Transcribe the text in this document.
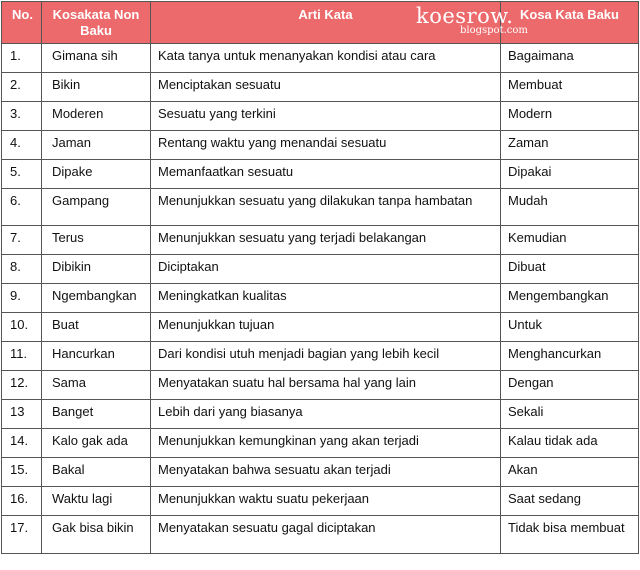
No.	Kosakata Non Baku	Arti Kata	Kosa Kata Baku
1.	Gimana sih	Kata tanya untuk menanyakan kondisi atau cara	Bagaimana
2.	Bikin	Menciptakan sesuatu	Membuat
3.	Moderen	Sesuatu yang terkini	Modern
4.	Jaman	Rentang waktu yang menandai sesuatu	Zaman
5.	Dipake	Memanfaatkan sesuatu	Dipakai
6.	Gampang	Menunjukkan sesuatu yang dilakukan tanpa hambatan	Mudah
7.	Terus	Menunjukkan sesuatu yang terjadi belakangan	Kemudian
8.	Dibikin	Diciptakan	Dibuat
9.	Ngembangkan	Meningkatkan kualitas	Mengembangkan
10.	Buat	Menunjukkan tujuan	Untuk
11.	Hancurkan	Dari kondisi utuh menjadi bagian yang lebih kecil	Menghancurkan
12.	Sama	Menyatakan suatu hal bersama hal yang lain	Dengan
13	Banget	Lebih dari yang biasanya	Sekali
14.	Kalo gak ada	Menunjukkan kemungkinan yang akan terjadi	Kalau tidak ada
15.	Bakal	Menyatakan bahwa sesuatu akan terjadi	Akan
16.	Waktu lagi	Menunjukkan waktu suatu pekerjaan	Saat sedang
17.	Gak bisa bikin	Menyatakan sesuatu gagal diciptakan	Tidak bisa membuat
koesrow.
blogspot.com
